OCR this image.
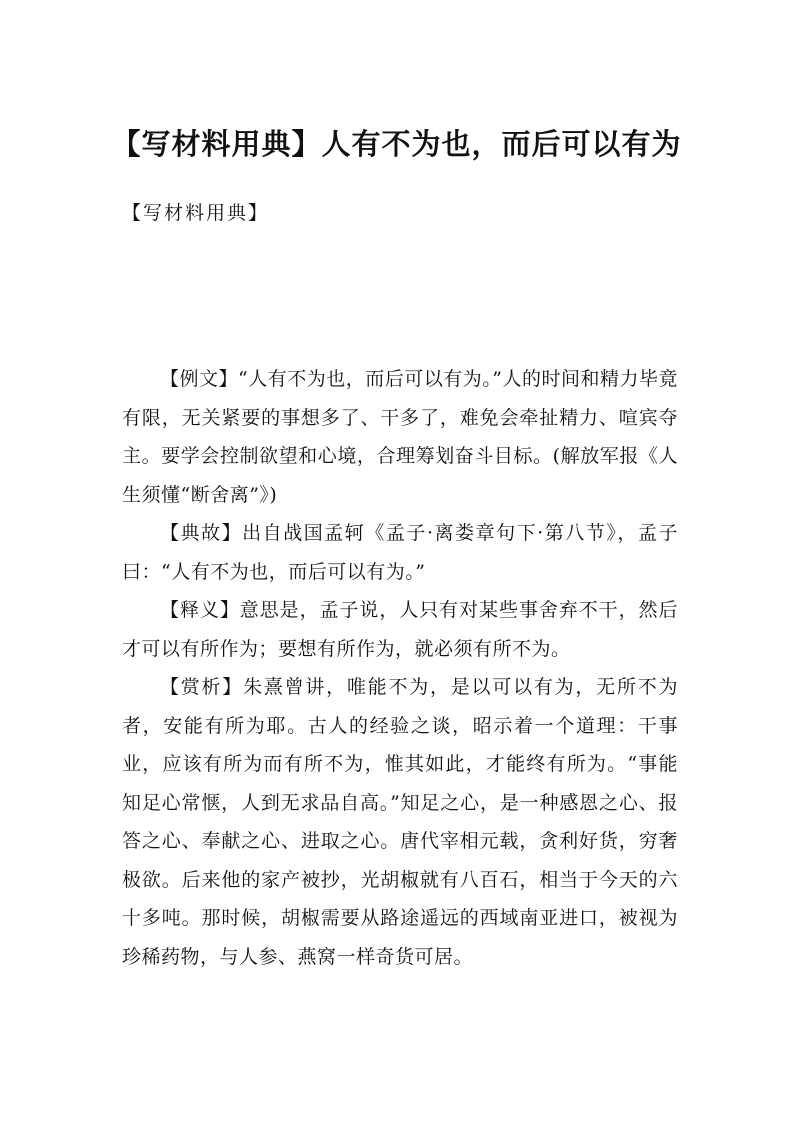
【写材料用典】人有不为也，而后可以有为

【写材料用典】

【例文】“人有不为也，而后可以有为。”人的时间和精力毕竟有限，无关紧要的事想多了、干多了，难免会牵扯精力、喧宾夺主。要学会控制欲望和心境，合理筹划奋斗目标。(解放军报《人生须懂“断舍离”》)

【典故】出自战国孟轲《孟子·离娄章句下·第八节》，孟子曰：“人有不为也，而后可以有为。”

【释义】意思是，孟子说，人只有对某些事舍弃不干，然后才可以有所作为；要想有所作为，就必须有所不为。

【赏析】朱熹曾讲，唯能不为，是以可以有为，无所不为者，安能有所为耶。古人的经验之谈，昭示着一个道理：干事业，应该有所为而有所不为，惟其如此，才能终有所为。“事能知足心常惬，人到无求品自高。”知足之心，是一种感恩之心、报答之心、奉献之心、进取之心。唐代宰相元载，贪利好货，穷奢极欲。后来他的家产被抄，光胡椒就有八百石，相当于今天的六十多吨。那时候，胡椒需要从路途遥远的西域南亚进口，被视为珍稀药物，与人参、燕窝一样奇货可居。
